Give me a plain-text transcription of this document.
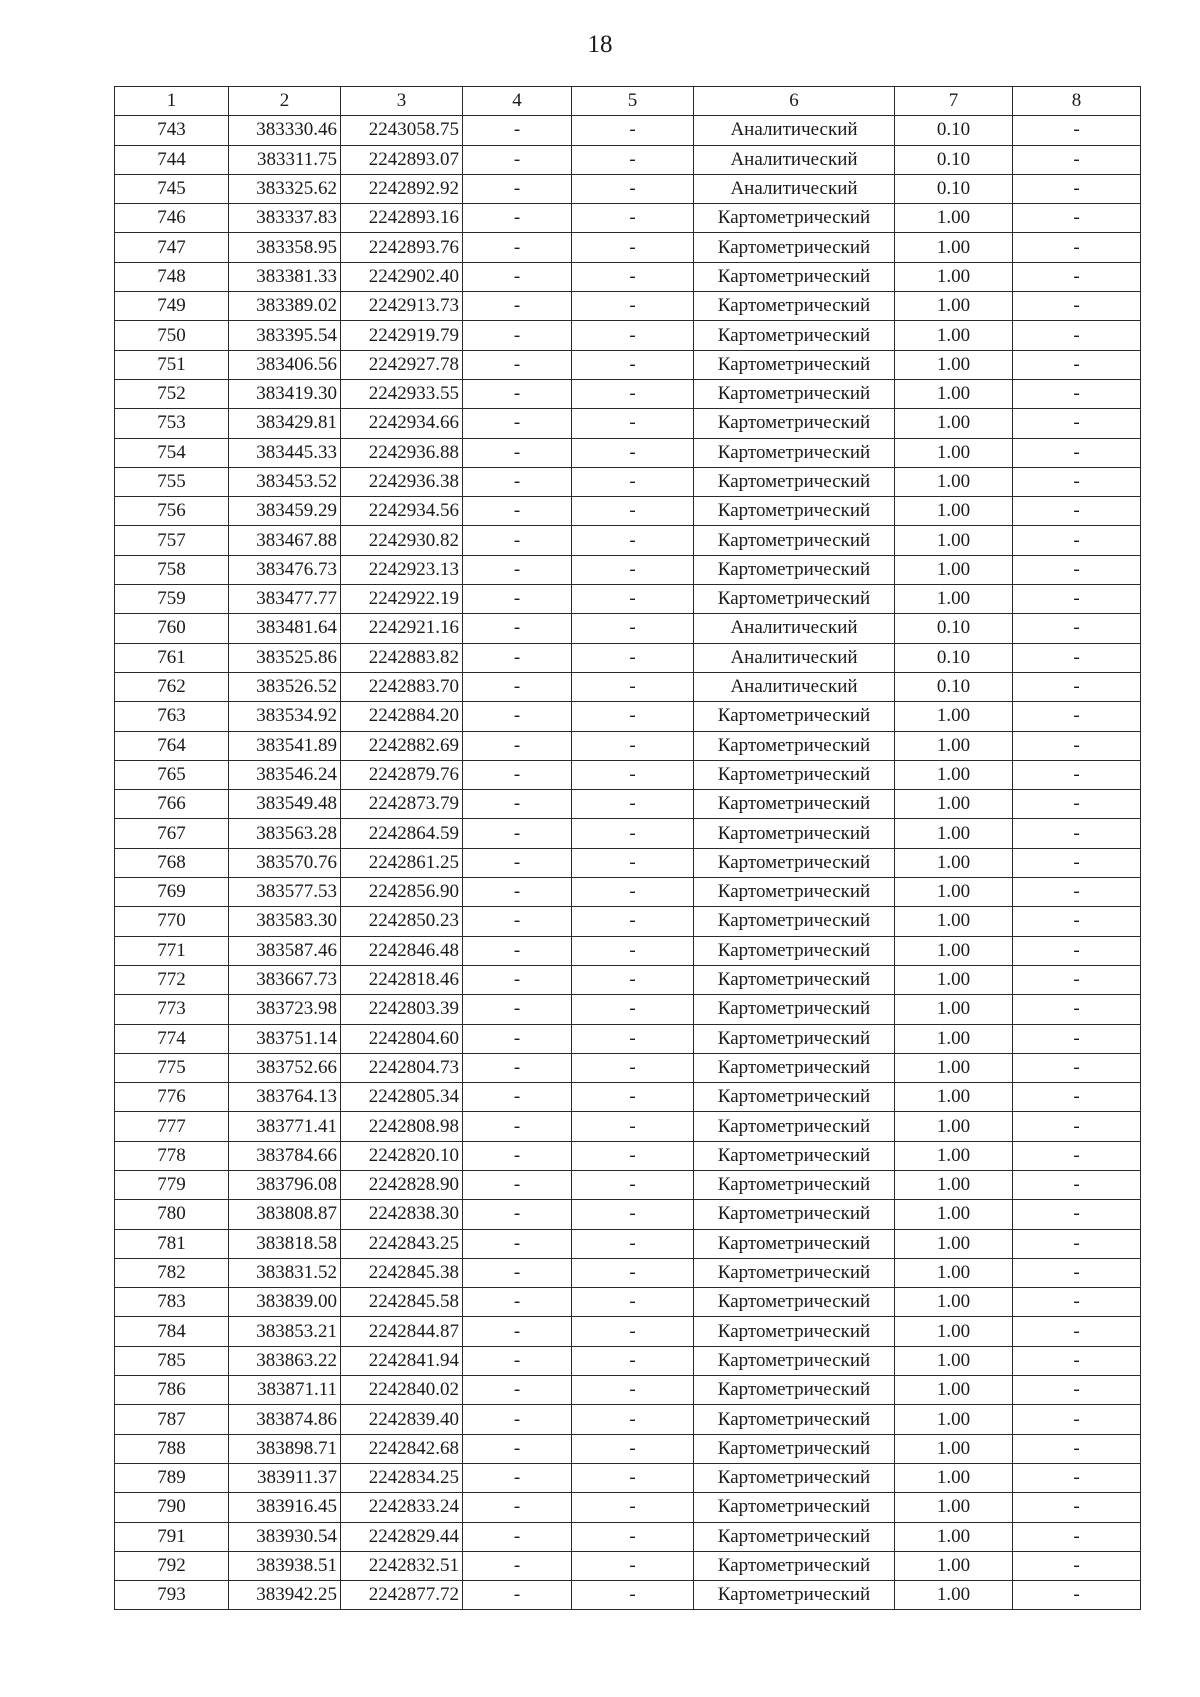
18
1	2	3	4	5	6	7	8
743	383330.46	2243058.75	-	-	Аналитический	0.10	-
744	383311.75	2242893.07	-	-	Аналитический	0.10	-
745	383325.62	2242892.92	-	-	Аналитический	0.10	-
746	383337.83	2242893.16	-	-	Картометрический	1.00	-
747	383358.95	2242893.76	-	-	Картометрический	1.00	-
748	383381.33	2242902.40	-	-	Картометрический	1.00	-
749	383389.02	2242913.73	-	-	Картометрический	1.00	-
750	383395.54	2242919.79	-	-	Картометрический	1.00	-
751	383406.56	2242927.78	-	-	Картометрический	1.00	-
752	383419.30	2242933.55	-	-	Картометрический	1.00	-
753	383429.81	2242934.66	-	-	Картометрический	1.00	-
754	383445.33	2242936.88	-	-	Картометрический	1.00	-
755	383453.52	2242936.38	-	-	Картометрический	1.00	-
756	383459.29	2242934.56	-	-	Картометрический	1.00	-
757	383467.88	2242930.82	-	-	Картометрический	1.00	-
758	383476.73	2242923.13	-	-	Картометрический	1.00	-
759	383477.77	2242922.19	-	-	Картометрический	1.00	-
760	383481.64	2242921.16	-	-	Аналитический	0.10	-
761	383525.86	2242883.82	-	-	Аналитический	0.10	-
762	383526.52	2242883.70	-	-	Аналитический	0.10	-
763	383534.92	2242884.20	-	-	Картометрический	1.00	-
764	383541.89	2242882.69	-	-	Картометрический	1.00	-
765	383546.24	2242879.76	-	-	Картометрический	1.00	-
766	383549.48	2242873.79	-	-	Картометрический	1.00	-
767	383563.28	2242864.59	-	-	Картометрический	1.00	-
768	383570.76	2242861.25	-	-	Картометрический	1.00	-
769	383577.53	2242856.90	-	-	Картометрический	1.00	-
770	383583.30	2242850.23	-	-	Картометрический	1.00	-
771	383587.46	2242846.48	-	-	Картометрический	1.00	-
772	383667.73	2242818.46	-	-	Картометрический	1.00	-
773	383723.98	2242803.39	-	-	Картометрический	1.00	-
774	383751.14	2242804.60	-	-	Картометрический	1.00	-
775	383752.66	2242804.73	-	-	Картометрический	1.00	-
776	383764.13	2242805.34	-	-	Картометрический	1.00	-
777	383771.41	2242808.98	-	-	Картометрический	1.00	-
778	383784.66	2242820.10	-	-	Картометрический	1.00	-
779	383796.08	2242828.90	-	-	Картометрический	1.00	-
780	383808.87	2242838.30	-	-	Картометрический	1.00	-
781	383818.58	2242843.25	-	-	Картометрический	1.00	-
782	383831.52	2242845.38	-	-	Картометрический	1.00	-
783	383839.00	2242845.58	-	-	Картометрический	1.00	-
784	383853.21	2242844.87	-	-	Картометрический	1.00	-
785	383863.22	2242841.94	-	-	Картометрический	1.00	-
786	383871.11	2242840.02	-	-	Картометрический	1.00	-
787	383874.86	2242839.40	-	-	Картометрический	1.00	-
788	383898.71	2242842.68	-	-	Картометрический	1.00	-
789	383911.37	2242834.25	-	-	Картометрический	1.00	-
790	383916.45	2242833.24	-	-	Картометрический	1.00	-
791	383930.54	2242829.44	-	-	Картометрический	1.00	-
792	383938.51	2242832.51	-	-	Картометрический	1.00	-
793	383942.25	2242877.72	-	-	Картометрический	1.00	-
